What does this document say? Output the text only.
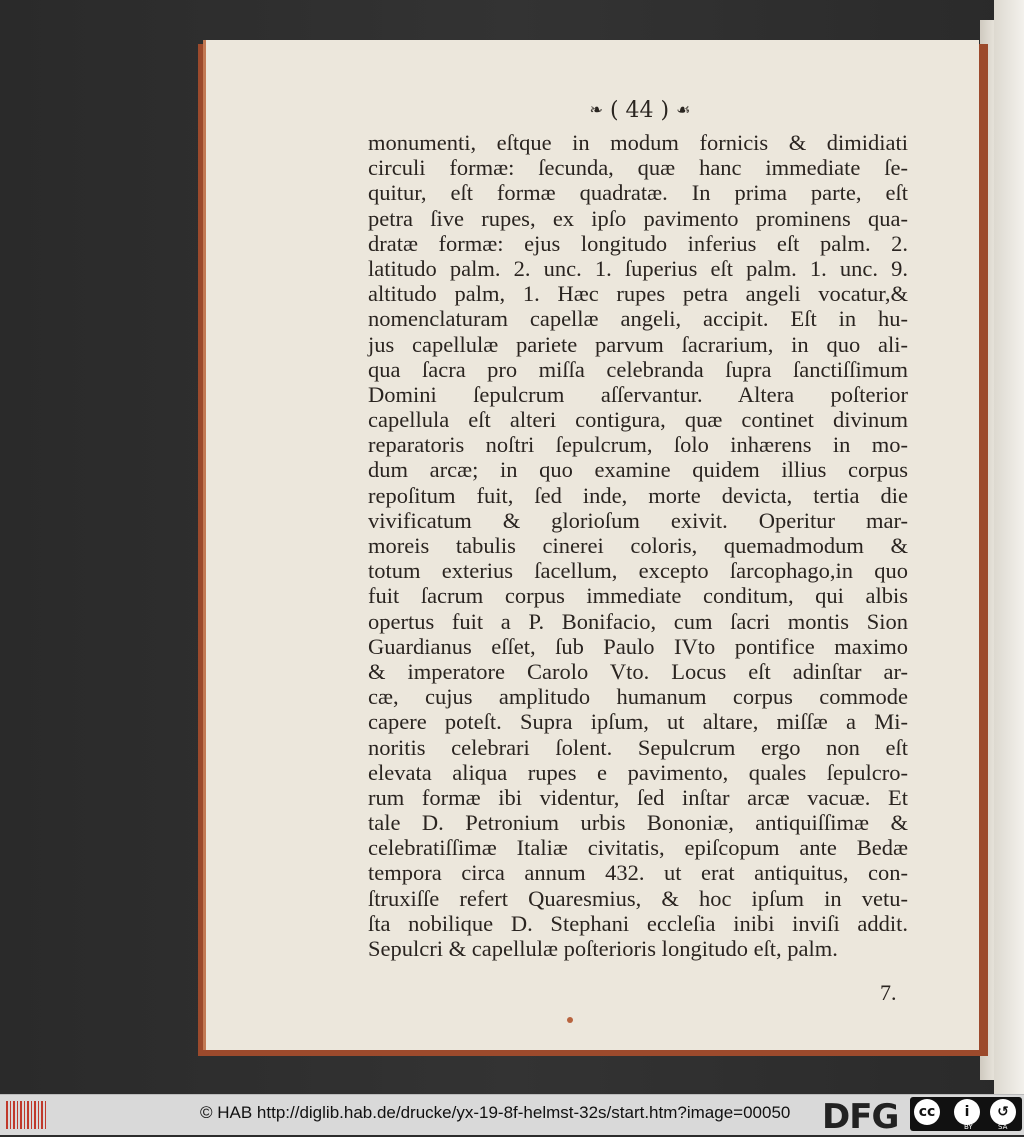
❧ ( 44 ) ☙
monumenti, eſtque in modum fornicis & dimidiati
circuli formæ: ſecunda, quæ hanc immediate ſe-
quitur, eſt formæ quadratæ. In prima parte, eſt
petra ſive rupes, ex ipſo pavimento prominens qua-
dratæ formæ: ejus longitudo inferius eſt palm. 2.
latitudo palm. 2. unc. 1. ſuperius eſt palm. 1. unc. 9.
altitudo palm, 1. Hæc rupes petra angeli vocatur,&
nomenclaturam capellæ angeli, accipit. Eſt in hu-
jus capellulæ pariete parvum ſacrarium, in quo ali-
qua ſacra pro miſſa celebranda ſupra ſanctiſſimum
Domini ſepulcrum aſſervantur. Altera poſterior
capellula eſt alteri contigura, quæ continet divinum
reparatoris noſtri ſepulcrum, ſolo inhærens in mo-
dum arcæ; in quo examine quidem illius corpus
repoſitum fuit, ſed inde, morte devicta, tertia die
vivificatum & glorioſum exivit. Operitur mar-
moreis tabulis cinerei coloris, quemadmodum &
totum exterius ſacellum, excepto ſarcophago,in quo
fuit ſacrum corpus immediate conditum, qui albis
opertus fuit a P. Bonifacio, cum ſacri montis Sion
Guardianus eſſet, ſub Paulo IVto pontifice maximo
& imperatore Carolo Vto. Locus eſt adinſtar ar-
cæ, cujus amplitudo humanum corpus commode
capere poteſt. Supra ipſum, ut altare, miſſæ a Mi-
noritis celebrari ſolent. Sepulcrum ergo non eſt
elevata aliqua rupes e pavimento, quales ſepulcro-
rum formæ ibi videntur, ſed inſtar arcæ vacuæ. Et
tale D. Petronium urbis Bononiæ, antiquiſſimæ &
celebratiſſimæ Italiæ civitatis, epiſcopum ante Bedæ
tempora circa annum 432. ut erat antiquitus, con-
ſtruxiſſe refert Quaresmius, & hoc ipſum in vetu-
ſta nobilique D. Stephani eccleſia inibi inviſi addit.
Sepulcri & capellulæ poſterioris longitudo eſt, palm.
7.
© HAB http://diglib.hab.de/drucke/yx-19-8f-helmst-32s/start.htm?image=00050 DFG	cc	i	↺
BY	SA
